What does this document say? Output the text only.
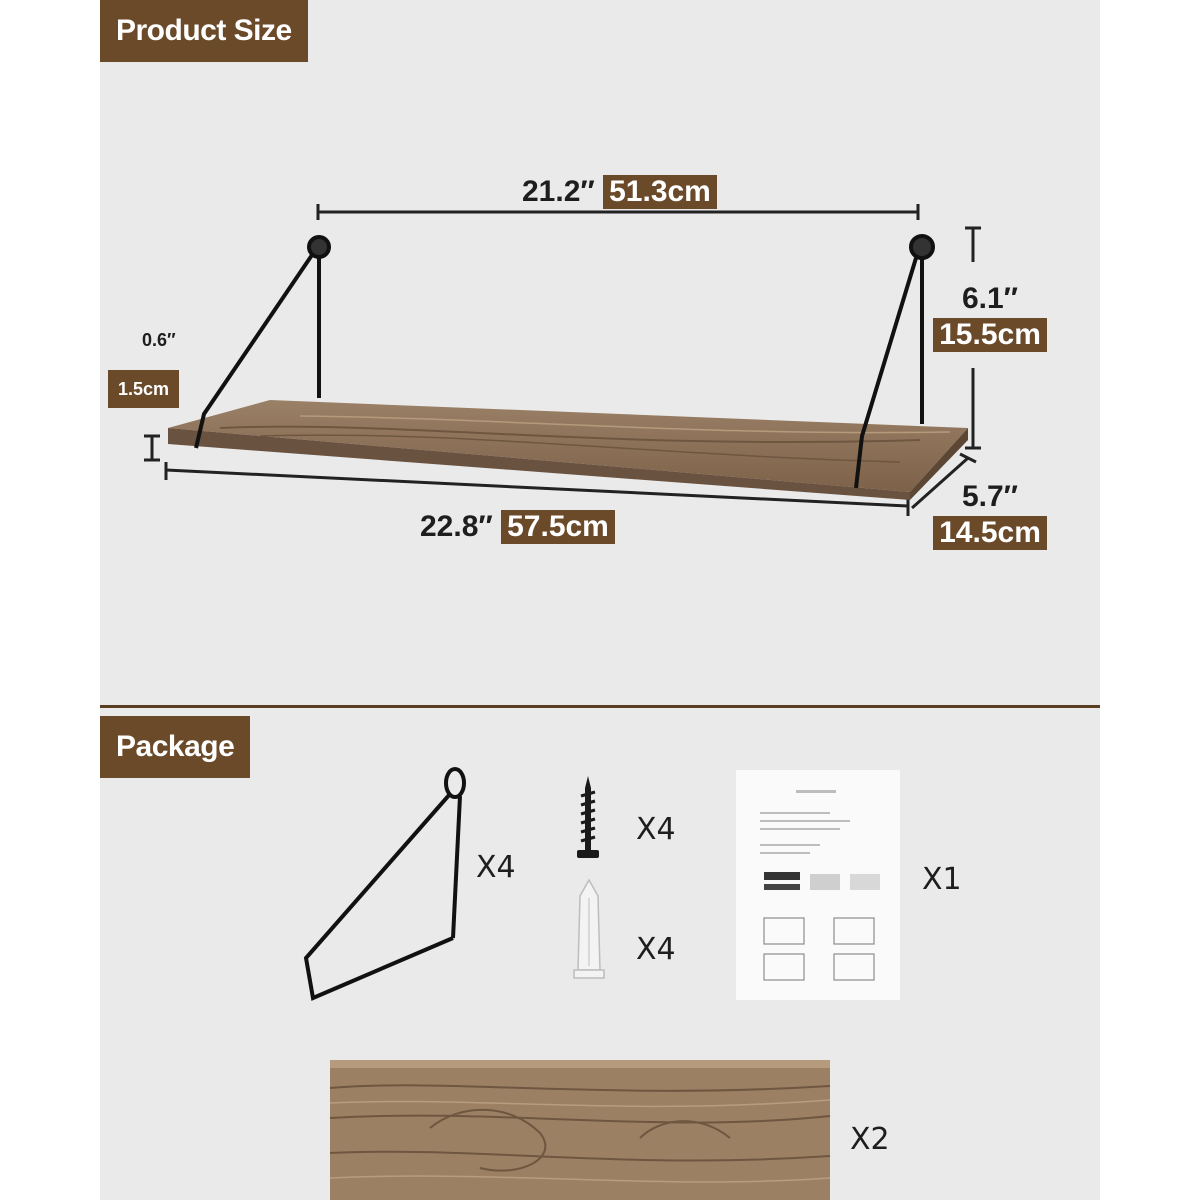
Product Size
21.2″ 51.3cm
6.1″
15.5cm
0.6″
1.5cm
22.8″ 57.5cm
5.7″
14.5cm
Package
X4
X4
X4
X1
X2
